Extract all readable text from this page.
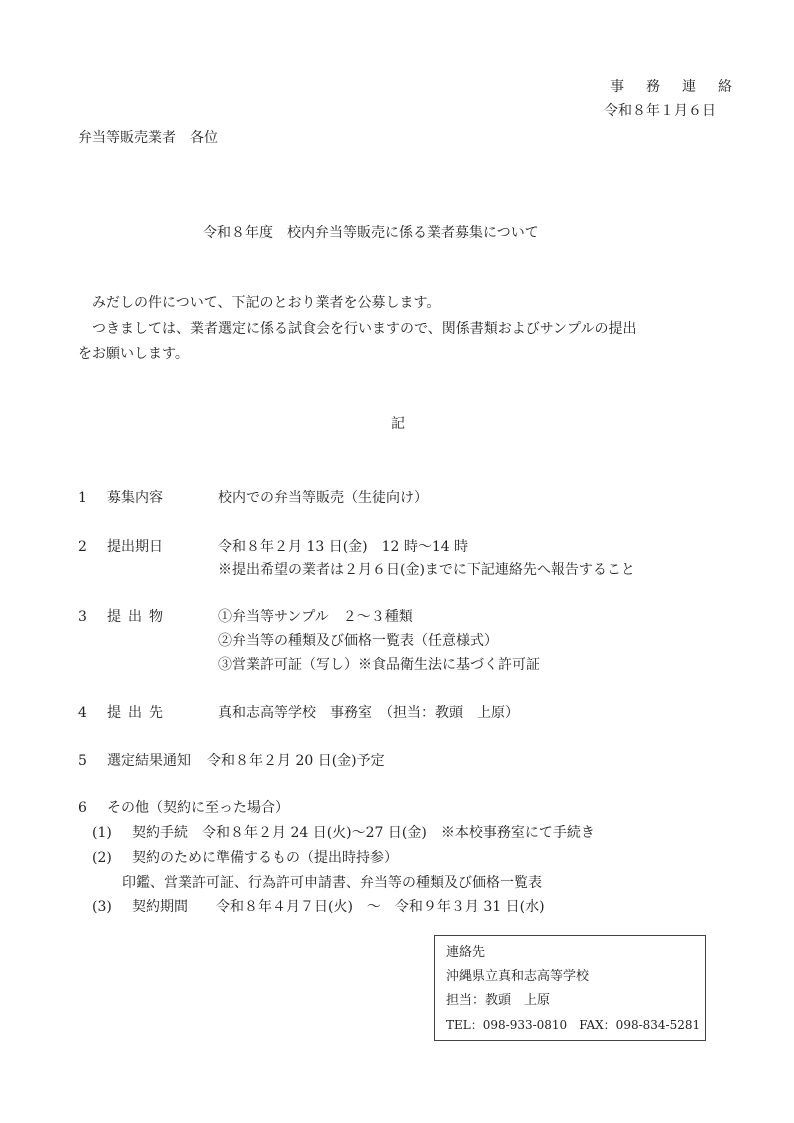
事務連絡
令和８年１月６日
弁当等販売業者　各位
令和８年度　校内弁当等販売に係る業者募集について
　みだしの件について、下記のとおり業者を公募します。
　つきましては、業者選定に係る試食会を行いますので、関係書類およびサンプルの提出
をお願いします。
記
1 募集内容	校内での弁当等販売（生徒向け）
2 提出期日	令和８年２月 13 日(金)　12 時～14 時
※提出希望の業者は２月６日(金)までに下記連絡先へ報告すること
3 提出物	①弁当等サンプル　２～３種類
②弁当等の種類及び価格一覧表（任意様式）
③営業許可証（写し）※食品衛生法に基づく許可証
4 提出先	真和志高等学校　事務室　（担当：教頭　上原）
5 選定結果通知 令和８年２月 20 日(金)予定
6 その他（契約に至った場合）
(1) 契約手続　令和８年２月 24 日(火)～27 日(金)　※本校事務室にて手続き
(2) 契約のために準備するもの（提出時持参）
印鑑、営業許可証、行為許可申請書、弁当等の種類及び価格一覧表
(3) 契約期間　　令和８年４月７日(火)　～　令和９年３月 31 日(水)
連絡先
沖縄県立真和志高等学校
担当：教頭　上原
TEL：098-933-0810　FAX：098-834-5281
